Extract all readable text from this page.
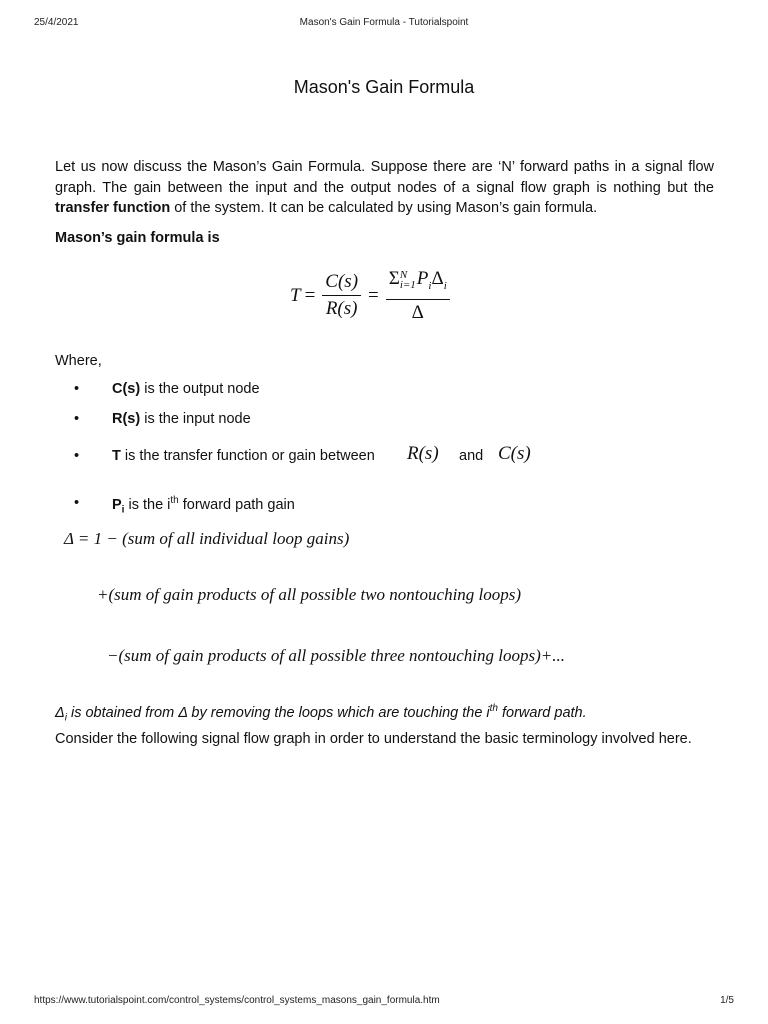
25/4/2021	Mason's Gain Formula - Tutorialspoint
Mason's Gain Formula

Let us now discuss the Mason’s Gain Formula. Suppose there are ‘N’ forward paths in a signal flow graph. The gain between the input and the output nodes of a signal flow graph is nothing but the transfer function of the system. It can be calculated by using Mason’s gain formula.

Mason’s gain formula is

$T = \frac{C(s)}{R(s)} = \Sigma$ N
i=1 $P_i\Delta_i$
Δ

Where,

• C(s) is the output node
• R(s) is the input node
• T is the transfer function or gain between R(s) and C(s)
• $P_i$ is the $i^{th}$ forward path gain
Δ = 1 − (sum of all individual loop gains)
+(sum of gain products of all possible two nontouching loops)
−(sum of gain products of all possible three nontouching loops)+...

$\Delta_i$ is obtained from Δ by removing the loops which are touching the $i^{th}$ forward path.

Consider the following signal flow graph in order to understand the basic terminology involved here.

https://www.tutorialspoint.com/control_systems/control_systems_masons_gain_formula.htm	1/5
